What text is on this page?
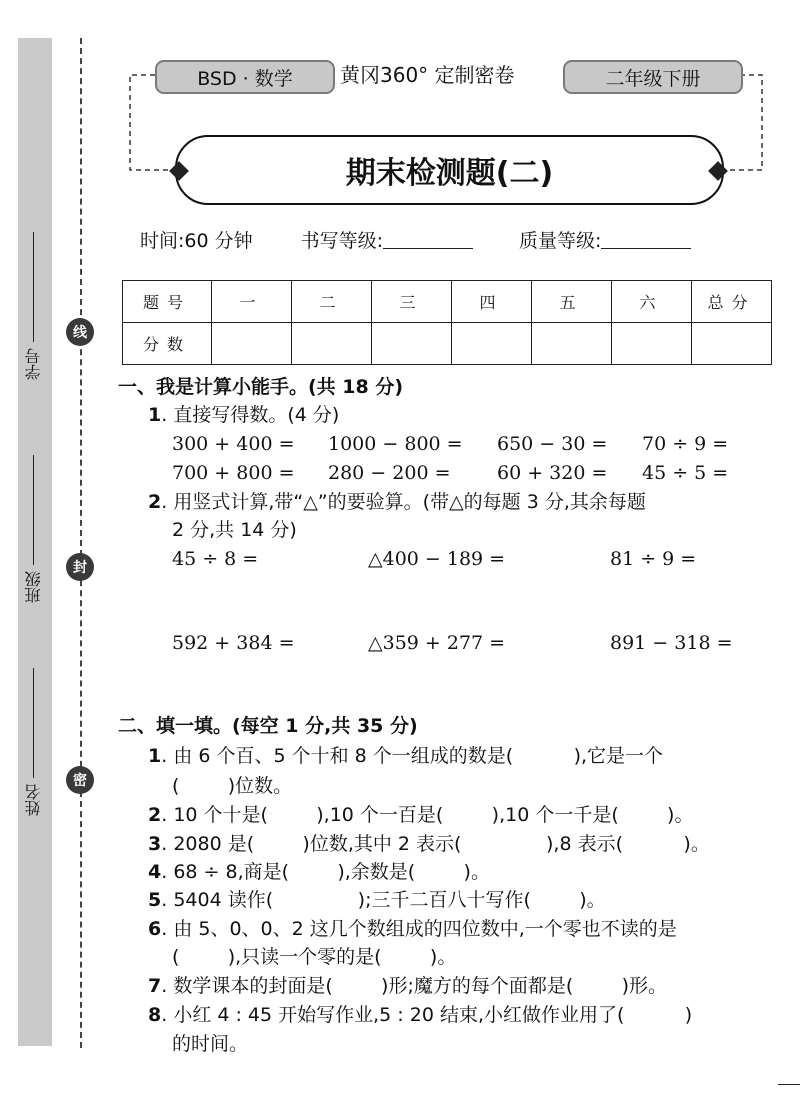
线
封
密
学号
班级
姓名
BSD · 数学	黄冈360° 定制密卷	二年级下册
期末检测题(二)
时间:60 分钟	书写等级:	质量等级:
题号	一	二	三	四	五	六	总分
分数							
一、我是计算小能手。(共 18 分)
1. 直接写得数。(4 分)
300 + 400 = 1000 − 800 = 650 − 30 = 70 ÷ 9 =
700 + 800 = 280 − 200 = 60 + 320 = 45 ÷ 5 =
2. 用竖式计算,带“△”的要验算。(带△的每题 3 分,其余每题
2 分,共 14 分)
45 ÷ 8 =	△400 − 189 =	81 ÷ 9 =
592 + 384 =	△359 + 277 =	891 − 318 =
二、填一填。(每空 1 分,共 35 分)
1. 由 6 个百、5 个十和 8 个一组成的数是(          ),它是一个
(        )位数。
2. 10 个十是(        ),10 个一百是(        ),10 个一千是(        )。
3. 2080 是(        )位数,其中 2 表示(              ),8 表示(          )。
4. 68 ÷ 8,商是(        ),余数是(        )。
5. 5404 读作(              );三千二百八十写作(        )。
6. 由 5、0、0、2 这几个数组成的四位数中,一个零也不读的是
(        ),只读一个零的是(        )。
7. 数学课本的封面是(        )形;魔方的每个面都是(        )形。
8. 小红 4 : 45 开始写作业,5 : 20 结束,小红做作业用了(          )
的时间。
